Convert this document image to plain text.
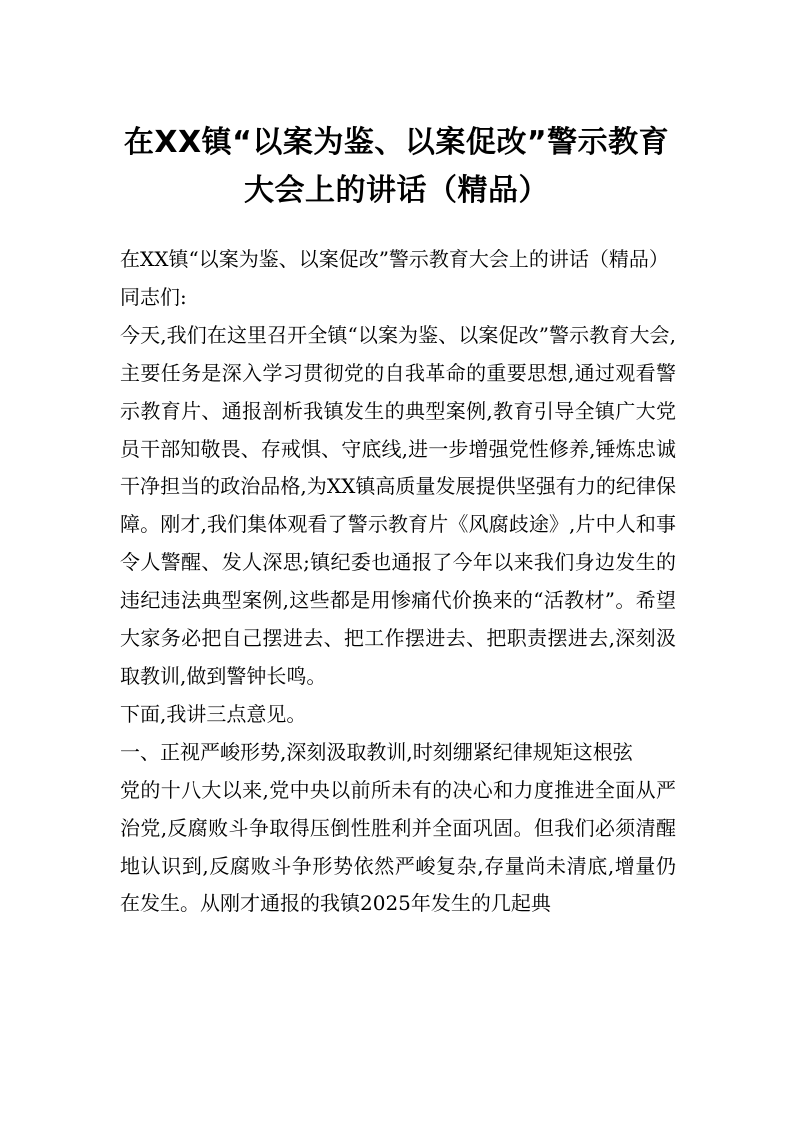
在XX镇“以案为鉴、以案促改”警示教育
大会上的讲话（精品）

在XX镇“以案为鉴、以案促改”警示教育大会上的讲话（精品）

同志们:

今天,我们在这里召开全镇“以案为鉴、以案促改”警示教育大会,主要任务是深入学习贯彻党的自我革命的重要思想,通过观看警示教育片、通报剖析我镇发生的典型案例,教育引导全镇广大党员干部知敬畏、存戒惧、守底线,进一步增强党性修养,锤炼忠诚干净担当的政治品格,为XX镇高质量发展提供坚强有力的纪律保障。刚才,我们集体观看了警示教育片《风腐歧途》,片中人和事令人警醒、发人深思;镇纪委也通报了今年以来我们身边发生的违纪违法典型案例,这些都是用惨痛代价换来的“活教材”。希望大家务必把自己摆进去、把工作摆进去、把职责摆进去,深刻汲取教训,做到警钟长鸣。

下面,我讲三点意见。

一、正视严峻形势,深刻汲取教训,时刻绷紧纪律规矩这根弦

党的十八大以来,党中央以前所未有的决心和力度推进全面从严治党,反腐败斗争取得压倒性胜利并全面巩固。但我们必须清醒地认识到,反腐败斗争形势依然严峻复杂,存量尚未清底,增量仍在发生。从刚才通报的我镇2025年发生的几起典
